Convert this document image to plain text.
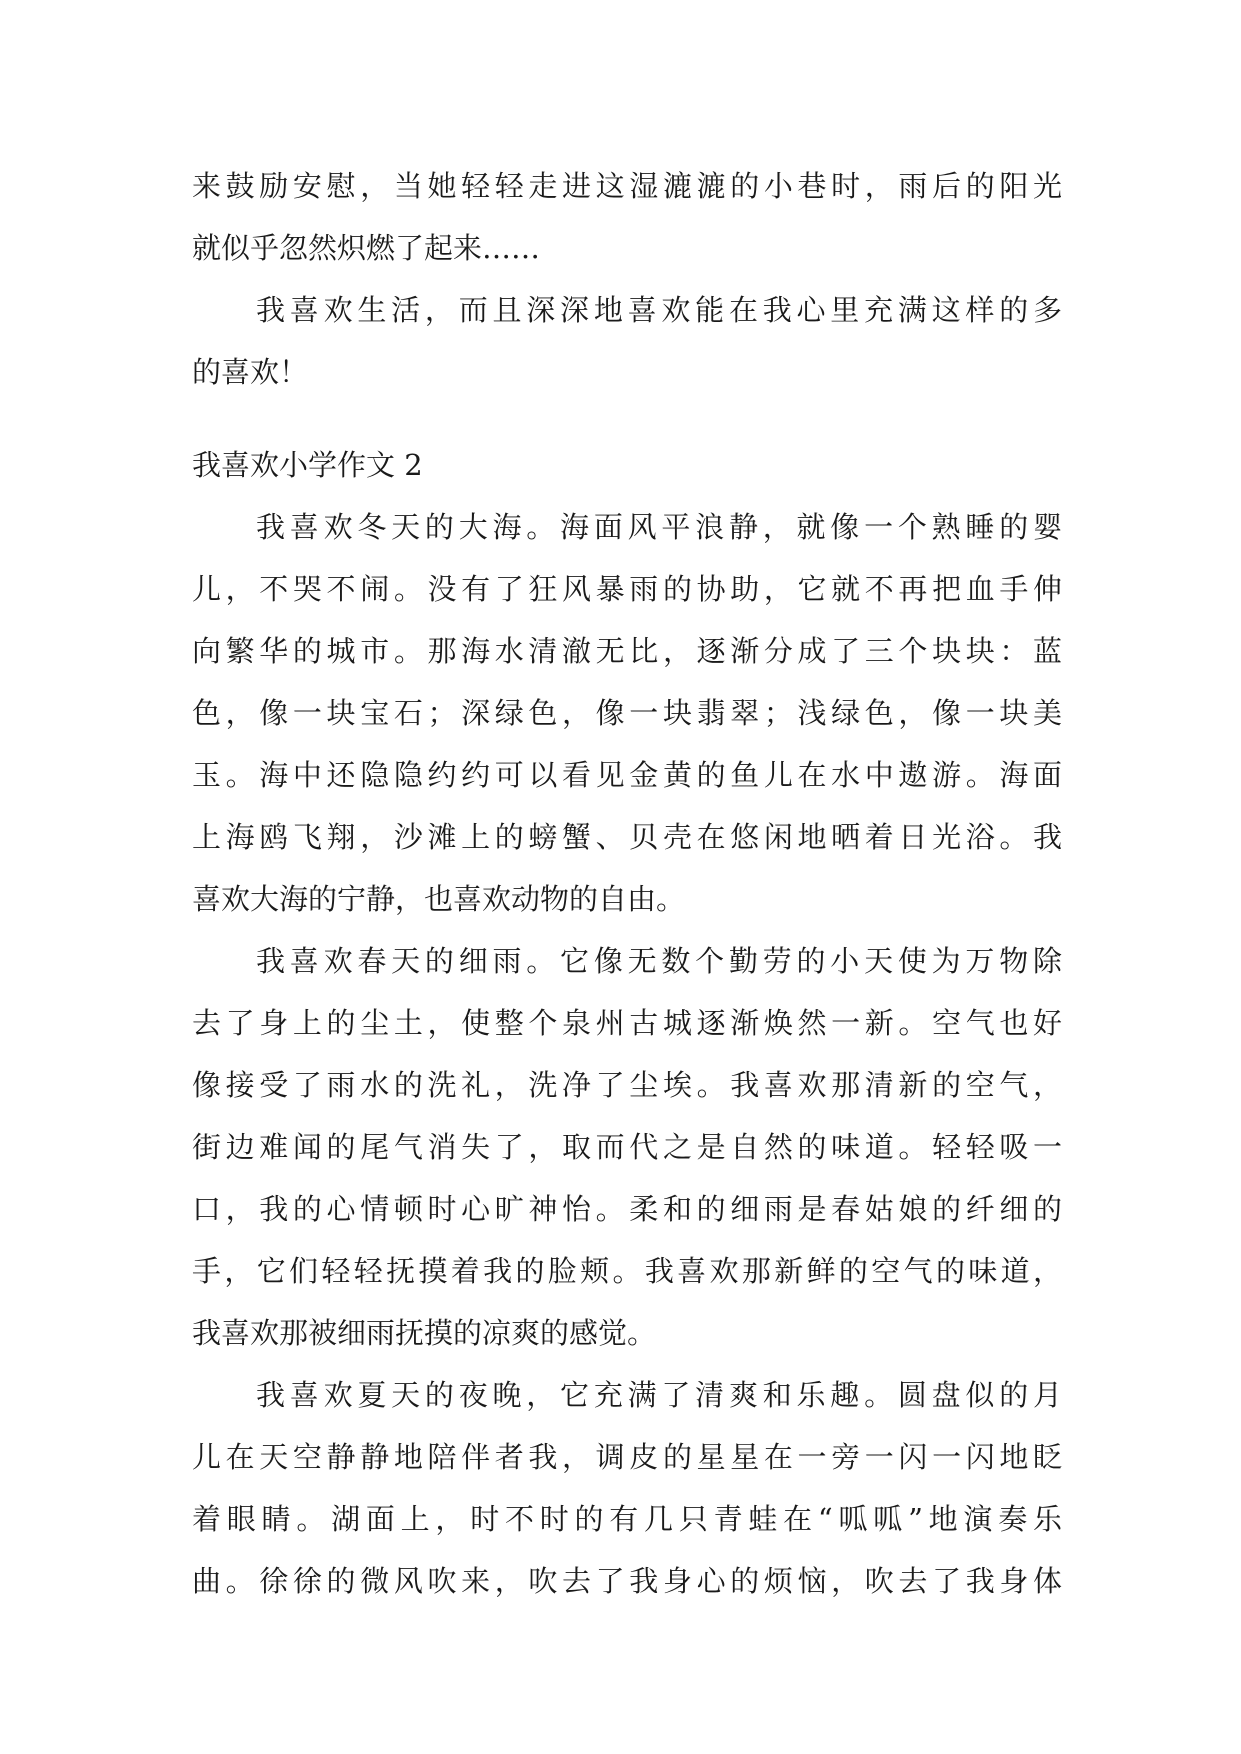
来鼓励安慰，当她轻轻走进这湿漉漉的小巷时，雨后的阳光
就似乎忽然炽燃了起来……
我喜欢生活，而且深深地喜欢能在我心里充满这样的多
的喜欢！
我喜欢小学作文 2
我喜欢冬天的大海。海面风平浪静，就像一个熟睡的婴
儿，不哭不闹。没有了狂风暴雨的协助，它就不再把血手伸
向繁华的城市。那海水清澈无比，逐渐分成了三个块块：蓝
色，像一块宝石；深绿色，像一块翡翠；浅绿色，像一块美
玉。海中还隐隐约约可以看见金黄的鱼儿在水中遨游。海面
上海鸥飞翔，沙滩上的螃蟹、贝壳在悠闲地晒着日光浴。我
喜欢大海的宁静，也喜欢动物的自由。
我喜欢春天的细雨。它像无数个勤劳的小天使为万物除
去了身上的尘土，使整个泉州古城逐渐焕然一新。空气也好
像接受了雨水的洗礼，洗净了尘埃。我喜欢那清新的空气，
街边难闻的尾气消失了，取而代之是自然的味道。轻轻吸一
口，我的心情顿时心旷神怡。柔和的细雨是春姑娘的纤细的
手，它们轻轻抚摸着我的脸颊。我喜欢那新鲜的空气的味道，
我喜欢那被细雨抚摸的凉爽的感觉。
我喜欢夏天的夜晚，它充满了清爽和乐趣。圆盘似的月
儿在天空静静地陪伴者我，调皮的星星在一旁一闪一闪地眨
着眼睛。湖面上，时不时的有几只青蛙在“呱呱”地演奏乐
曲。徐徐的微风吹来，吹去了我身心的烦恼，吹去了我身体
